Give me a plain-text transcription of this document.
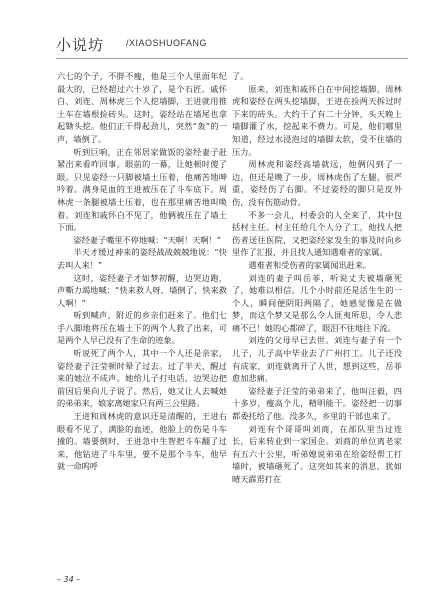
小说坊 /XIAOSHUOFANG

六七的个子，不胖不瘦，他是三个人里面年纪最大的，已经超过六十岁了，是个石匠。戚怀白、刘连、周林虎三个人挖墙脚，王进就用推土车在墙根捡砖头。这时，姿经站在墙尾也拿起锄头挖。他们正干得起劲儿，突然“轰”的一声，墙倒了。

听到巨响，正在邻居家做饭的姿经妻子赶紧出来看咋回事。眼前的一幕，让她顿时傻了眼。只见姿经一只脚被墙土压着，他痛苦地呻吟着。满身是血的王进被压在了斗车底下。周林虎一条腿被墙土压着，也在那里痛苦地叫唤着。刘连和戚怀白不见了，他俩被压在了墙土下面。

姿经妻子嘴里不停地喊：“天啊！天啊！”

半天才缓过神来的姿经战战兢兢地说：“快去叫人来！”

这时，姿经妻子才如梦初醒，边哭边跑，声嘶力竭地喊：“快来救人呀，墙倒了，快来救人啊！”

听到喊声，附近的乡亲们赶来了。他们七手八脚地将压在墙土下的两个人救了出来，可是两个人早已没有了生命的迹象。

听说死了两个人，其中一个人还是亲家，姿经妻子汪莹顿时晕了过去。过了半天，醒过来的她泣不成声。她给儿子打电话，边哭边把前因后果向儿子说了。然后，她又让人去喊她的弟弟来，娘家离她家只有两三公里路。

王进和周林虎的意识还是清醒的，王进右眼看不见了，满脸的血迹，他脸上的伤是斗车撞的。墙要倒时，王进急中生智把斗车翻了过来，他钻进了斗车里，要不是那个斗车，他早就一命呜呼

了。

原来，刘连和戚怀白在中间挖墙脚，周林虎和姿经在两头挖墙脚，王进在捡两天拆过时下来的砖头。大约干了有二十分钟，头天晚上墙脚灌了水，挖起来不费力。可是，他们哪里知道，经过水浸泡过的墙脚太软，受不住墙的压力。

周林虎和姿经高墙就远，他俩闪到了一边，但还是晚了一步，周林虎伤了左腿，很严重，姿经伤了右脚。不过姿经的脚只是皮外伤，没有伤筋动骨。

不多一会儿，村委会的人全来了，其中包括村主任。村主任给几个人分了工，他找人把伤者送往医院，又把姿经家发生的事及时向乡里作了汇报，并且找人通知遇难者的家属。

遇难者和受伤者的家属闻讯赶来。

刘连的妻子叫岳菲，听说丈夫被墙砸死了，她难以相信。几个小时前还是活生生的一个人，瞬间便阴阳两隔了，她感觉像是在做梦，而这个梦又是那么令人匪夷所思，令人悲痛不已！她的心都碎了，眼泪不住地往下流。

刘连的父母早已去世。刘连与妻子有一个儿子，儿子高中毕业去了广州打工。儿子还没有成家，刘连就离开了人世，想到这些，岳菲愈加悲痛。

姿经妻子汪莹的弟弟来了，他叫汪毅，四十多岁，瘦高个儿，精明能干。姿经把一切事都委托给了他。没多久，乡里的干部也来了。

刘连有个哥哥叫刘商，在部队里当过连长，后来转业到一家国企。刘商的单位离老家有五六十公里，听弟媳说弟弟在给姿经帮工打墙时，被墙砸死了。这突如其来的消息，犹如晴天霹雳打在

– 34 –
